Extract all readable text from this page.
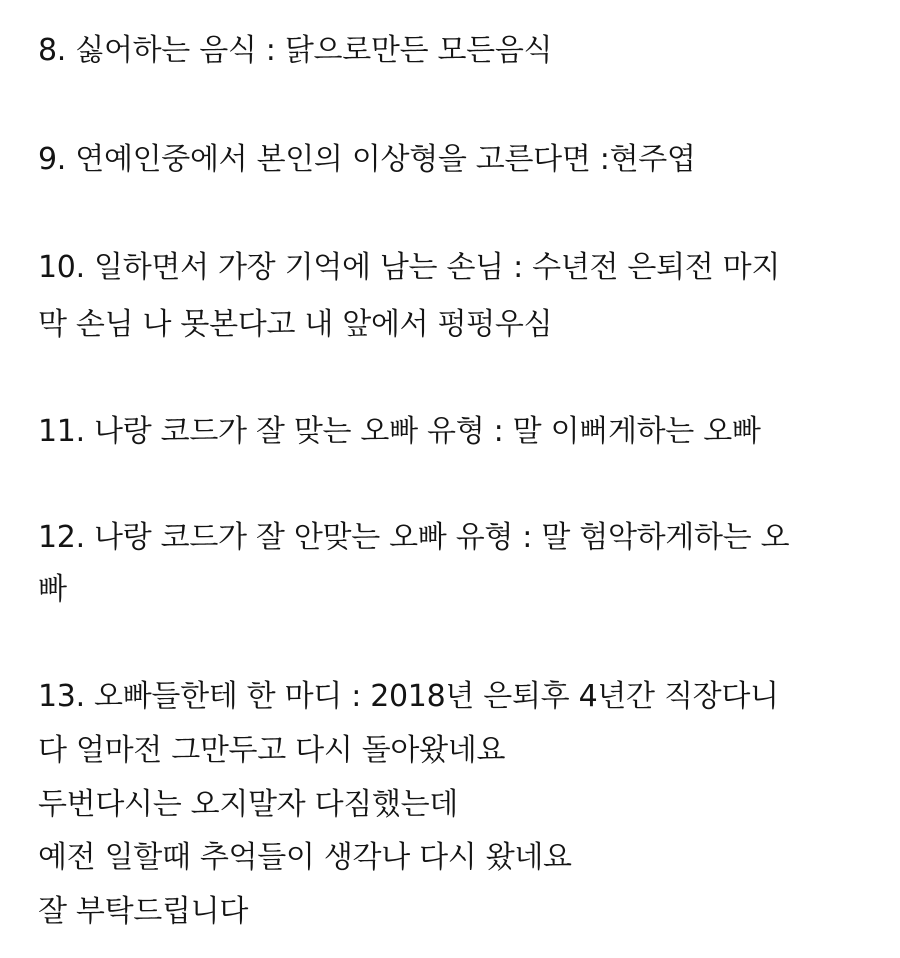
8. 싫어하는 음식 : 닭으로만든 모든음식
9. 연예인중에서 본인의 이상형을 고른다면 :현주엽
10. 일하면서 가장 기억에 남는 손님 : 수년전 은퇴전 마지
막 손님 나 못본다고 내 앞에서 펑펑우심
11. 나랑 코드가 잘 맞는 오빠 유형 : 말 이뻐게하는 오빠
12. 나랑 코드가 잘 안맞는 오빠 유형 : 말 험악하게하는 오
빠
13. 오빠들한테 한 마디 : 2018년 은퇴후 4년간 직장다니
다 얼마전 그만두고 다시 돌아왔네요
두번다시는 오지말자 다짐했는데
예전 일할때 추억들이 생각나 다시 왔네요
잘 부탁드립니다
